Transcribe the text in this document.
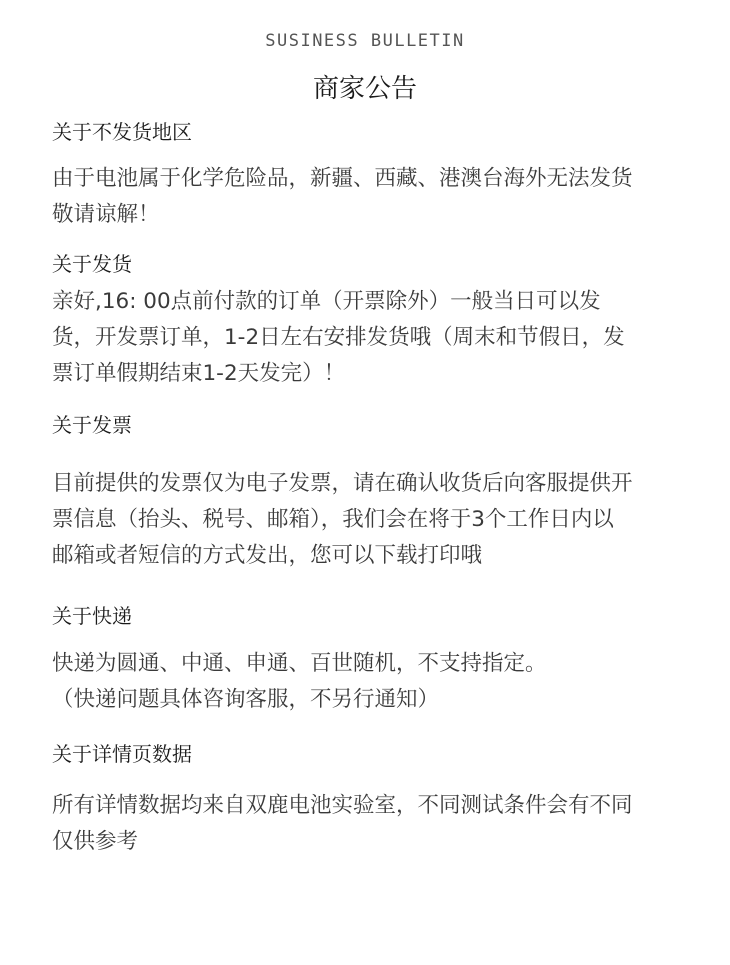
SUSINESS BULLETIN
商家公告
关于不发货地区
由于电池属于化学危险品，新疆、西藏、港澳台海外无法发货
敬请谅解！
关于发货
亲好,16: 00点前付款的订单（开票除外）一般当日可以发
货，开发票订单，1-2日左右安排发货哦（周末和节假日，发
票订单假期结束1-2天发完）！
关于发票
目前提供的发票仅为电子发票，请在确认收货后向客服提供开
票信息（抬头、税号、邮箱），我们会在将于3个工作日内以
邮箱或者短信的方式发出，您可以下载打印哦
关于快递
快递为圆通、中通、申通、百世随机，不支持指定。
（快递问题具体咨询客服，不另行通知）
关于详情页数据
所有详情数据均来自双鹿电池实验室，不同测试条件会有不同
仅供参考
